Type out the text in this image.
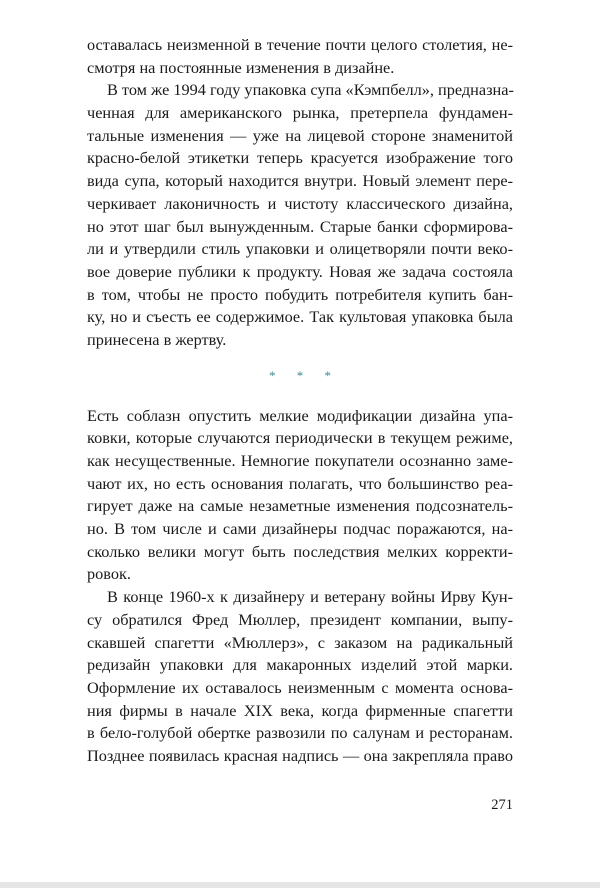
оставалась неизменной в течение почти целого столетия, не-
смотря на постоянные изменения в дизайне.
В том же 1994 году упаковка супа «Кэмпбелл», предназна-
ченная для американского рынка, претерпела фундамен-
тальные изменения — уже на лицевой стороне знаменитой
красно-белой этикетки теперь красуется изображение того
вида супа, который находится внутри. Новый элемент пере-
черкивает лаконичность и чистоту классического дизайна,
но этот шаг был вынужденным. Старые банки сформирова-
ли и утвердили стиль упаковки и олицетворяли почти веко-
вое доверие публики к продукту. Новая же задача состояла
в том, чтобы не просто побудить потребителя купить бан-
ку, но и съесть ее содержимое. Так культовая упаковка была
принесена в жертву.
* * *
Есть соблазн опустить мелкие модификации дизайна упа-
ковки, которые случаются периодически в текущем режиме,
как несущественные. Немногие покупатели осознанно заме-
чают их, но есть основания полагать, что большинство реа-
гирует даже на самые незаметные изменения подсознатель-
но. В том числе и сами дизайнеры подчас поражаются, на-
сколько велики могут быть последствия мелких корректи-
ровок.
В конце 1960-х к дизайнеру и ветерану войны Ирву Кун-
су обратился Фред Мюллер, президент компании, выпу-
скавшей спагетти «Мюллерз», с заказом на радикальный
редизайн упаковки для макаронных изделий этой марки.
Оформление их оставалось неизменным с момента основа-
ния фирмы в начале XIX века, когда фирменные спагетти
в бело-голубой обертке развозили по салунам и ресторанам.
Позднее появилась красная надпись — она закрепляла право
271
